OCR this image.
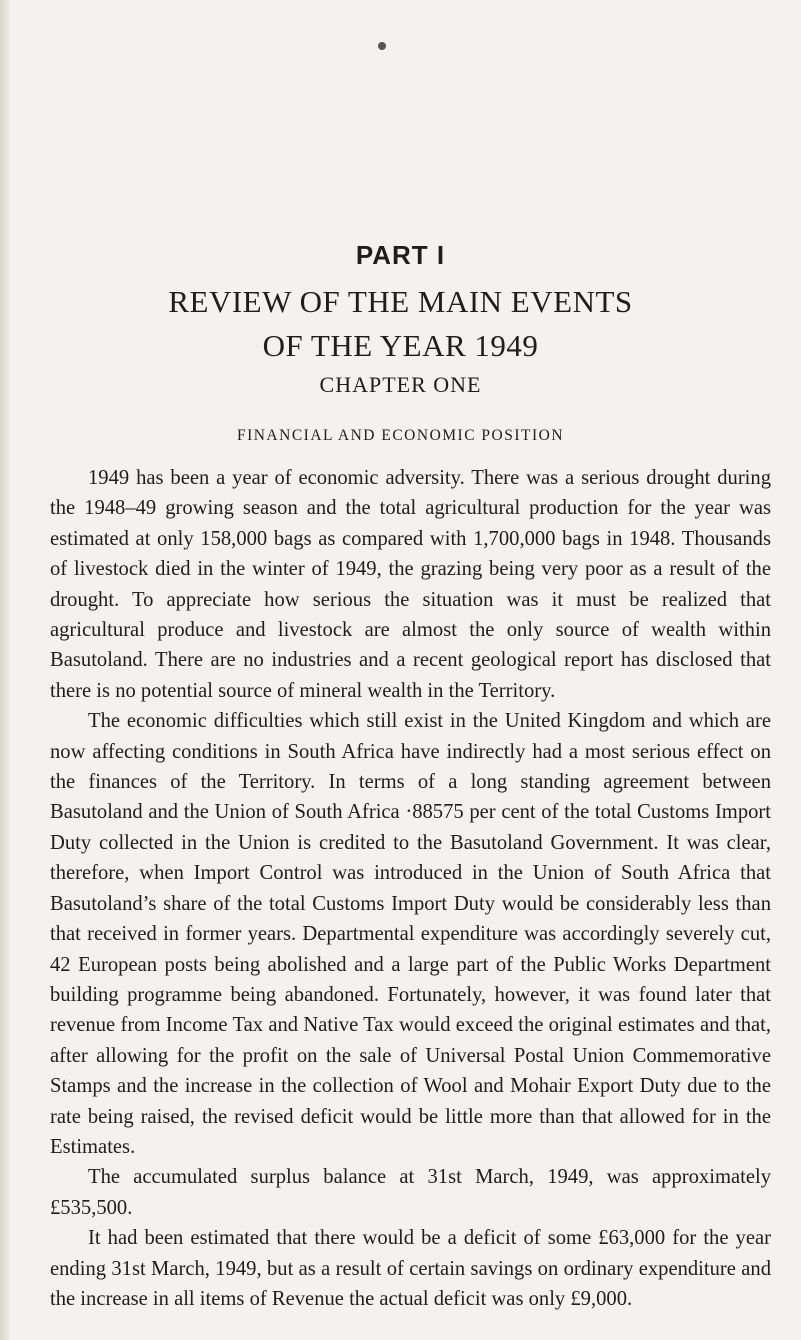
PART I
REVIEW OF THE MAIN EVENTS
OF THE YEAR 1949
CHAPTER ONE
FINANCIAL AND ECONOMIC POSITION

1949 has been a year of economic adversity. There was a serious drought during the 1948–49 growing season and the total agricultural production for the year was estimated at only 158,000 bags as compared with 1,700,000 bags in 1948. Thousands of livestock died in the winter of 1949, the grazing being very poor as a result of the drought. To appreciate how serious the situation was it must be realized that agricultural produce and livestock are almost the only source of wealth within Basutoland. There are no industries and a recent geological report has disclosed that there is no potential source of mineral wealth in the Territory.

The economic difficulties which still exist in the United Kingdom and which are now affecting conditions in South Africa have indirectly had a most serious effect on the finances of the Territory. In terms of a long standing agreement between Basutoland and the Union of South Africa ·88575 per cent of the total Customs Import Duty collected in the Union is credited to the Basutoland Government. It was clear, therefore, when Import Control was introduced in the Union of South Africa that Basutoland’s share of the total Customs Import Duty would be considerably less than that received in former years. Departmental expenditure was accordingly severely cut, 42 European posts being abolished and a large part of the Public Works Department building programme being abandoned. Fortunately, however, it was found later that revenue from Income Tax and Native Tax would exceed the original estimates and that, after allowing for the profit on the sale of Universal Postal Union Commemorative Stamps and the increase in the collection of Wool and Mohair Export Duty due to the rate being raised, the revised deficit would be little more than that allowed for in the Estimates.

The accumulated surplus balance at 31st March, 1949, was approximately £535,500.

It had been estimated that there would be a deficit of some £63,000 for the year ending 31st March, 1949, but as a result of certain savings on ordinary expenditure and the increase in all items of Revenue the actual deficit was only £9,000.
